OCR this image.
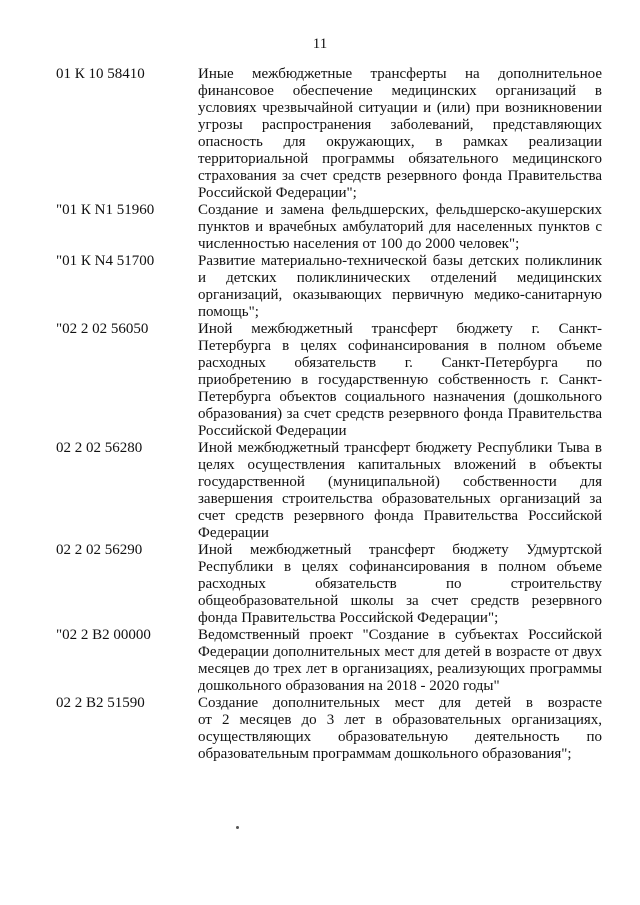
11
01 К 10 58410	Иные межбюджетные трансферты на дополнительное
финансовое обеспечение медицинских организаций в
условиях чрезвычайной ситуации и (или) при возникновении
угрозы распространения заболеваний, представляющих
опасность для окружающих, в рамках реализации
территориальной программы обязательного медицинского
страхования за счет средств резервного фонда Правительства
Российской Федерации";
"01 К N1 51960	Создание и замена фельдшерских, фельдшерско-акушерских
пунктов и врачебных амбулаторий для населенных пунктов с
численностью населения от 100 до 2000 человек";
"01 К N4 51700	Развитие материально-технической базы детских поликлиник
и детских поликлинических отделений медицинских
организаций, оказывающих первичную медико-санитарную
помощь";
"02 2 02 56050	Иной межбюджетный трансферт бюджету г. Санкт-
Петербурга в целях софинансирования в полном объеме
расходных обязательств г. Санкт-Петербурга по
приобретению в государственную собственность г. Санкт-
Петербурга объектов социального назначения (дошкольного
образования) за счет средств резервного фонда Правительства
Российской Федерации
02 2 02 56280	Иной межбюджетный трансферт бюджету Республики Тыва в
целях осуществления капитальных вложений в объекты
государственной (муниципальной) собственности для
завершения строительства образовательных организаций за
счет средств резервного фонда Правительства Российской
Федерации
02 2 02 56290	Иной межбюджетный трансферт бюджету Удмуртской
Республики в целях софинансирования в полном объеме
расходных обязательств по строительству
общеобразовательной школы за счет средств резервного
фонда Правительства Российской Федерации";
"02 2 В2 00000	Ведомственный проект "Создание в субъектах Российской
Федерации дополнительных мест для детей в возрасте от двух
месяцев до трех лет в организациях, реализующих программы
дошкольного образования на 2018 - 2020 годы"
02 2 В2 51590	Создание дополнительных мест для детей в возрасте
от 2 месяцев до 3 лет в образовательных организациях,
осуществляющих образовательную деятельность по
образовательным программам дошкольного образования";
